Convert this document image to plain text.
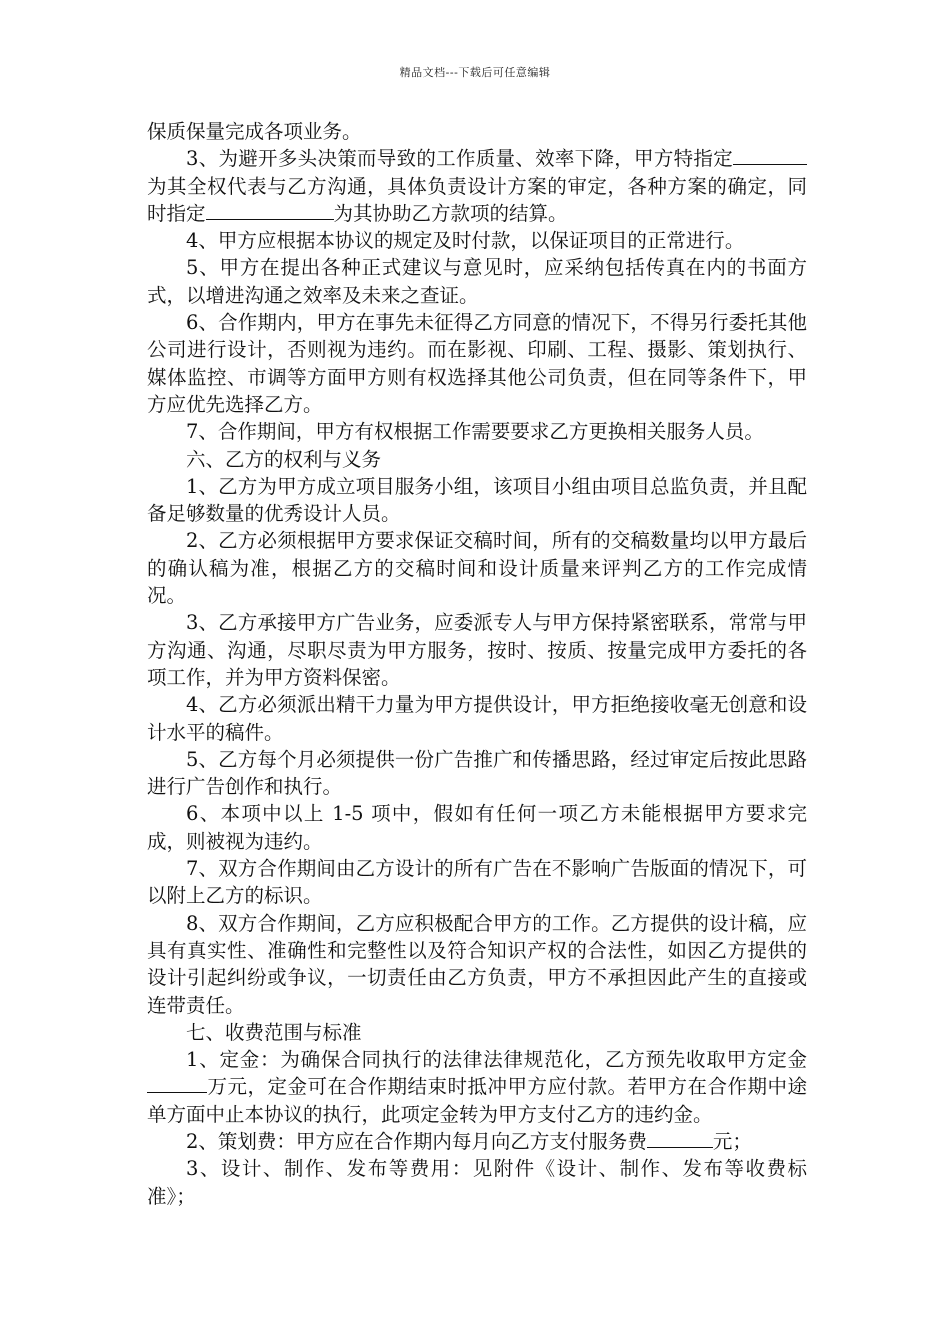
精品文档---下载后可任意编辑

保质保量完成各项业务。

3、为避开多头决策而导致的工作质量、效率下降，甲方特指定为其全权代表与乙方沟通，具体负责设计方案的审定，各种方案的确定，同时指定	为其协助乙方款项的结算。

4、甲方应根据本协议的规定及时付款，以保证项目的正常进行。

5、甲方在提出各种正式建议与意见时，应采纳包括传真在内的书面方式，以增进沟通之效率及未来之查证。

6、合作期内，甲方在事先未征得乙方同意的情况下，不得另行委托其他公司进行设计，否则视为违约。而在影视、印刷、工程、摄影、策划执行、媒体监控、市调等方面甲方则有权选择其他公司负责，但在同等条件下，甲方应优先选择乙方。

7、合作期间，甲方有权根据工作需要要求乙方更换相关服务人员。

六、乙方的权利与义务

1、乙方为甲方成立项目服务小组，该项目小组由项目总监负责，并且配备足够数量的优秀设计人员。

2、乙方必须根据甲方要求保证交稿时间，所有的交稿数量均以甲方最后的确认稿为准，根据乙方的交稿时间和设计质量来评判乙方的工作完成情况。

3、乙方承接甲方广告业务，应委派专人与甲方保持紧密联系，常常与甲方沟通、沟通，尽职尽责为甲方服务，按时、按质、按量完成甲方委托的各项工作，并为甲方资料保密。

4、乙方必须派出精干力量为甲方提供设计，甲方拒绝接收毫无创意和设计水平的稿件。

5、乙方每个月必须提供一份广告推广和传播思路，经过审定后按此思路进行广告创作和执行。

6、本项中以上 1-5 项中，假如有任何一项乙方未能根据甲方要求完成，则被视为违约。

7、双方合作期间由乙方设计的所有广告在不影响广告版面的情况下，可以附上乙方的标识。

8、双方合作期间，乙方应积极配合甲方的工作。乙方提供的设计稿，应具有真实性、准确性和完整性以及符合知识产权的合法性，如因乙方提供的设计引起纠纷或争议，一切责任由乙方负责，甲方不承担因此产生的直接或连带责任。

七、收费范围与标准

1、定金：为确保合同执行的法律法律规范化，乙方预先收取甲方定金万元，定金可在合作期结束时抵冲甲方应付款。若甲方在合作期中途单方面中止本协议的执行，此项定金转为甲方支付乙方的违约金。

2、策划费：甲方应在合作期内每月向乙方支付服务费	元；

3、设计、制作、发布等费用：见附件《设计、制作、发布等收费标准》；
